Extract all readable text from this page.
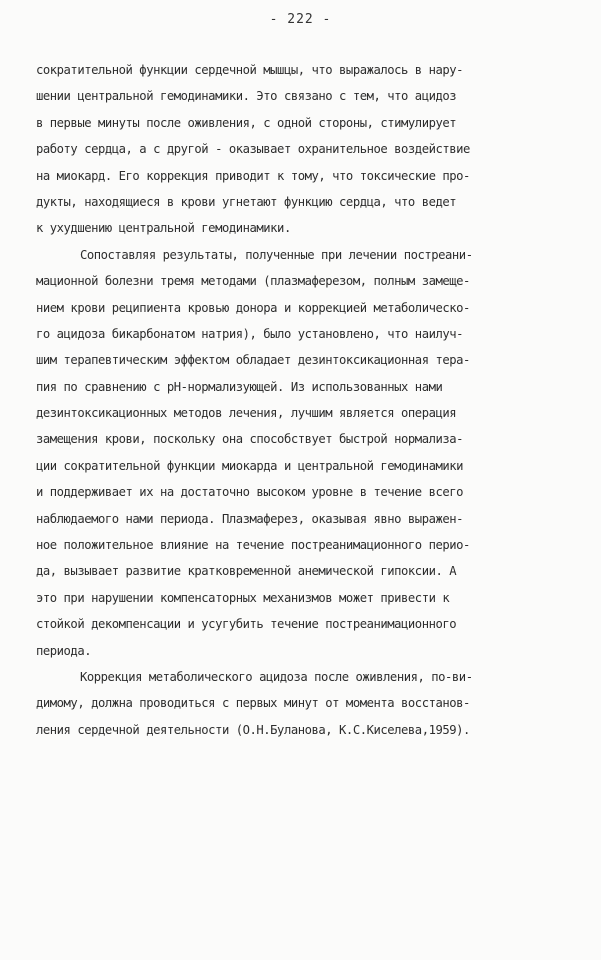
- 222 -
сократительной функции сердечной мышцы, что выражалось в нару-
шении центральной гемодинамики. Это связано с тем, что ацидоз
в первые минуты после оживления, с одной стороны, стимулирует
работу сердца, а с другой - оказывает охранительное воздействие
на миокард. Его коррекция приводит к тому, что токсические про-
дукты, находящиеся в крови угнетают функцию сердца, что ведет
к ухудшению центральной гемодинамики.
Сопоставляя результаты, полученные при лечении постреани-
мационной болезни тремя методами (плазмаферезом, полным замеще-
нием крови реципиента кровью донора и коррекцией метаболическо-
го ацидоза бикарбонатом натрия), было установлено, что наилуч-
шим терапевтическим эффектом обладает дезинтоксикационная тера-
пия по сравнению с рН-нормализующей. Из использованных нами
дезинтоксикационных методов лечения, лучшим является операция
замещения крови, поскольку она способствует быстрой нормализа-
ции сократительной функции миокарда и центральной гемодинамики
и поддерживает их на достаточно высоком уровне в течение всего
наблюдаемого нами периода. Плазмаферез, оказывая явно выражен-
ное положительное влияние на течение постреанимационного перио-
да, вызывает развитие кратковременной анемической гипоксии. А
это при нарушении компенсаторных механизмов может привести к
стойкой декомпенсации и усугубить течение постреанимационного
периода.
Коррекция метаболического ацидоза после оживления, по-ви-
димому, должна проводиться с первых минут от момента восстанов-
ления сердечной деятельности (О.Н.Буланова, К.С.Киселева,1959).
